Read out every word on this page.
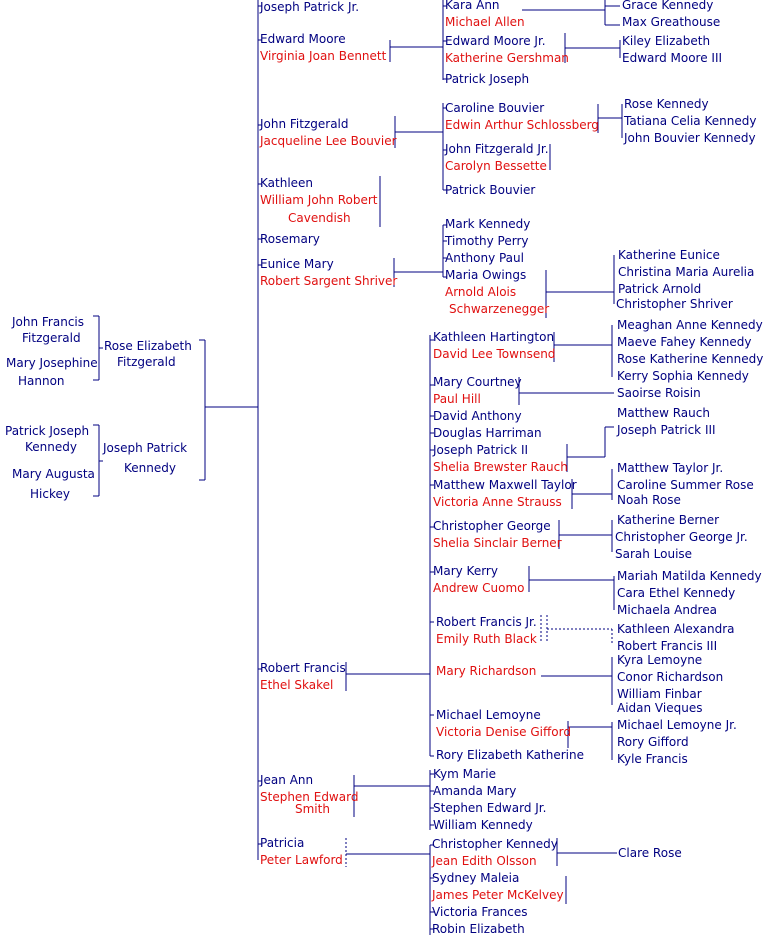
John Francis
Fitzgerald
Mary Josephine
Hannon
Patrick Joseph
Kennedy
Mary Augusta
Hickey
Rose Elizabeth
Fitzgerald
Joseph Patrick
Kennedy
Joseph Patrick Jr.
Edward Moore
Virginia Joan Bennett
John Fitzgerald
Jacqueline Lee Bouvier
Kathleen
William John Robert
Cavendish
Rosemary
Eunice Mary
Robert Sargent Shriver
Robert Francis
Ethel Skakel
Jean Ann
Stephen Edward
Smith
Patricia
Peter Lawford
Kara Ann
Michael Allen
Grace Kennedy
Max Greathouse
Edward Moore Jr.
Katherine Gershman
Kiley Elizabeth
Edward Moore III
Patrick Joseph
Caroline Bouvier
Edwin Arthur Schlossberg
Rose Kennedy
Tatiana Celia Kennedy
John Bouvier Kennedy
John Fitzgerald Jr.
Carolyn Bessette
Patrick Bouvier
Mark Kennedy
Timothy Perry
Anthony Paul
Maria Owings
Arnold Alois
Schwarzenegger
Katherine Eunice
Christina Maria Aurelia
Patrick Arnold
Christopher Shriver
Kathleen Hartington
David Lee Townsend
Meaghan Anne Kennedy
Maeve Fahey Kennedy
Rose Katherine Kennedy
Kerry Sophia Kennedy
Mary Courtney
Paul Hill	Saoirse Roisin
David Anthony
Douglas Harriman
Joseph Patrick II
Shelia Brewster Rauch
Matthew Rauch
Joseph Patrick III
Matthew Maxwell Taylor
Victoria Anne Strauss
Matthew Taylor Jr.
Caroline Summer Rose
Noah Rose
Christopher George
Shelia Sinclair Berner
Katherine Berner
Christopher George Jr.
Sarah Louise
Mary Kerry
Andrew Cuomo
Mariah Matilda Kennedy
Cara Ethel Kennedy
Michaela Andrea
Robert Francis Jr.
Emily Ruth Black
Mary Richardson
Kathleen Alexandra
Robert Francis III
Kyra Lemoyne
Conor Richardson
William Finbar
Aidan Vieques
Michael Lemoyne
Victoria Denise Gifford	Michael Lemoyne Jr.
Rory Gifford
Kyle Francis
Rory Elizabeth Katherine
Kym Marie
Amanda Mary
Stephen Edward Jr.
William Kennedy
Christopher Kennedy
Jean Edith Olsson
Clare Rose
Sydney Maleia
James Peter McKelvey
Victoria Frances
Robin Elizabeth
